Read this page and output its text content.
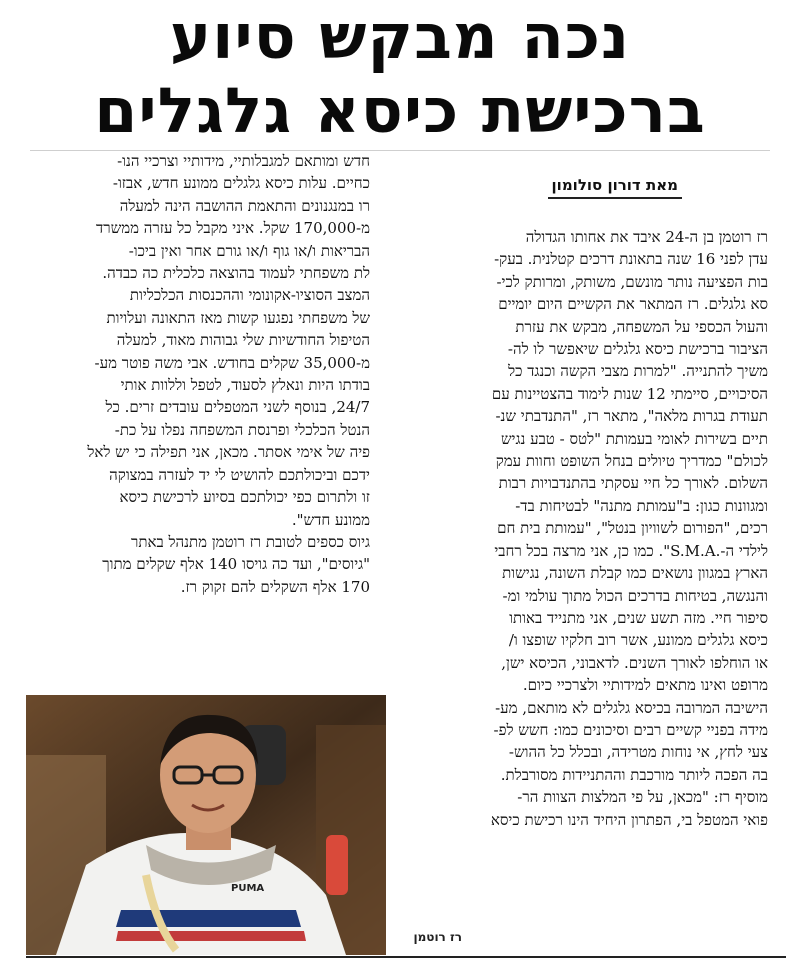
נכה מבקש סיוע
ברכישת כיסא גלגלים
מאת דורון סולומון

רז רוטמן בן ה-24 איבד את אחותו הגדולה
עדן לפני 16 שנה בתאונת דרכים קטלנית. בעק-
בות הפציעה נותר מונשם, משותק, ומרותק לכי-
סא גלגלים. רז המתאר את הקשיים היום יומיים
והעול הכספי על המשפחה, מבקש את עזרת
הציבור ברכישת כיסא גלגלים שיאפשר לו לה-
משיך להתנייה. "למרות מצבי הקשה וכנגד כל
הסיכויים, סיימתי 12 שנות לימוד בהצטיינות עם
תעודת בגרות מלאה", מתאר רז, "התנדבתי שנ-
תיים בשירות לאומי בעמותת "לטס - טבע נגיש
לכולם" כמדריך טיולים בנחל השופט וחוות עמק
השלום. לאורך כל חיי עסקתי בהתנדבויות רבות
ומגוונות כגון: ב"עמותת מתנה" לבטיחות בד-
רכים, "הפורום לשוויון בנטל", "עמותת בית חם
לילדי ה-.S.M.A". כמו כן, אני מרצה בכל רחבי
הארץ במגוון נושאים כמו קבלת השונה, נגישות
והנגשה, בטיחות בדרכים הכול מתוך עולמי ומ-
סיפור חיי. מזה תשע שנים, אני מתנייד באותו
כיסא גלגלים ממונע, אשר רוב חלקיו שופצו ו/
או הוחלפו לאורך השנים. לדאבוני, הכיסא ישן,
מרופט ואינו מתאים למידותיי ולצרכיי כיום.
הישיבה המרובה בכיסא גלגלים לא מותאם, מע-
מידה בפניי קשיים רבים וסיכונים כמו: חשש לפ-
צעי לחץ, אי נוחות מטרידה, ובכלל כל ההוש-
בה הפכה ליותר מורכבת וההתניידות מסורבלת.
מוסיף רז: "מכאן, על פי המלצות הצוות הר-
פואי המטפל בי, הפתרון היחיד הינו רכישת כיסא

חדש ומותאם למגבלותיי, מידותיי וצרכיי הנו-
כחיים. עלות כיסא גלגלים ממונע חדש, אבזו-
רו במנגנונים והתאמת ההושבה הינה למעלה
מ-170,000 שקל. איני מקבל כל עזרה ממשרד
הבריאות ו/או גוף ו/או גורם אחר ואין ביכו-
לת משפחתי לעמוד בהוצאה כלכלית כה כבדה.
המצב הסוציו-אקונומי וההכנסות הכלכליות
של משפחתי נפגעו קשות מאז התאונה ועלויות
הטיפול החודשיות שלי גבוהות מאוד, למעלה
מ-35,000 שקלים בחודש. אבי משה פוטר מע-
בודתו היות ונאלץ לסעוד, לטפל וללוות אותי
24/7, בנוסף לשני המטפלים עובדים זרים. כל
הנטל הכלכלי ופרנסת המשפחה נפלו על כת-
פיה של אימי אסתר. מכאן, אני תפילה כי יש לאל
ידכם וביכולתכם להושיט לי יד לעזרה במצוקה
זו ולתרום כפי יכולתכם בסיוע לרכישת כיסא
ממונע חדש".
גיוס כספים לטובת רז רוטמן מתנהל באתר
"גיוסים", ועד כה גויסו 140 אלף שקלים מתוך
170 אלף השקלים להם זקוק רז.

PUMA
רז רוטמן
